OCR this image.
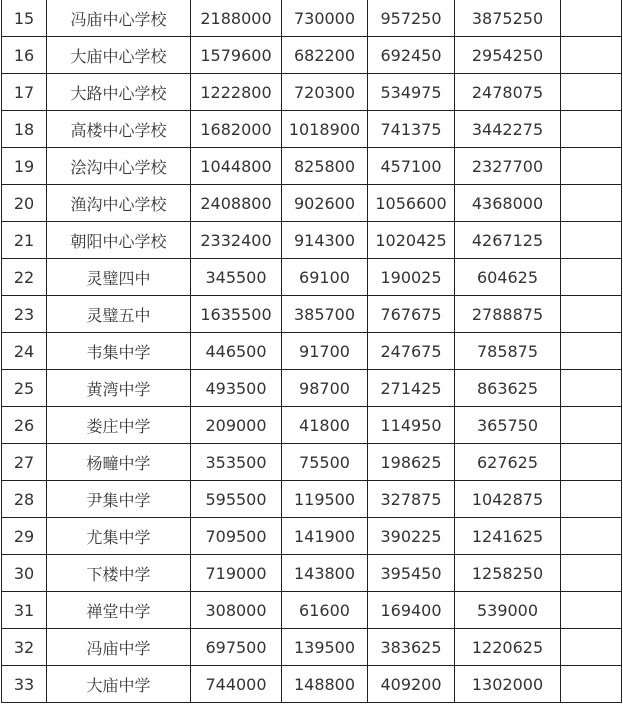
15	冯庙中心学校	2188000	730000	957250	3875250	
16	大庙中心学校	1579600	682200	692450	2954250	
17	大路中心学校	1222800	720300	534975	2478075	
18	高楼中心学校	1682000	1018900	741375	3442275	
19	浍沟中心学校	1044800	825800	457100	2327700	
20	渔沟中心学校	2408800	902600	1056600	4368000	
21	朝阳中心学校	2332400	914300	1020425	4267125	
22	灵璧四中	345500	69100	190025	604625	
23	灵璧五中	1635500	385700	767675	2788875	
24	韦集中学	446500	91700	247675	785875	
25	黄湾中学	493500	98700	271425	863625	
26	娄庄中学	209000	41800	114950	365750	
27	杨疃中学	353500	75500	198625	627625	
28	尹集中学	595500	119500	327875	1042875	
29	尤集中学	709500	141900	390225	1241625	
30	下楼中学	719000	143800	395450	1258250	
31	禅堂中学	308000	61600	169400	539000	
32	冯庙中学	697500	139500	383625	1220625	
33	大庙中学	744000	148800	409200	1302000	
